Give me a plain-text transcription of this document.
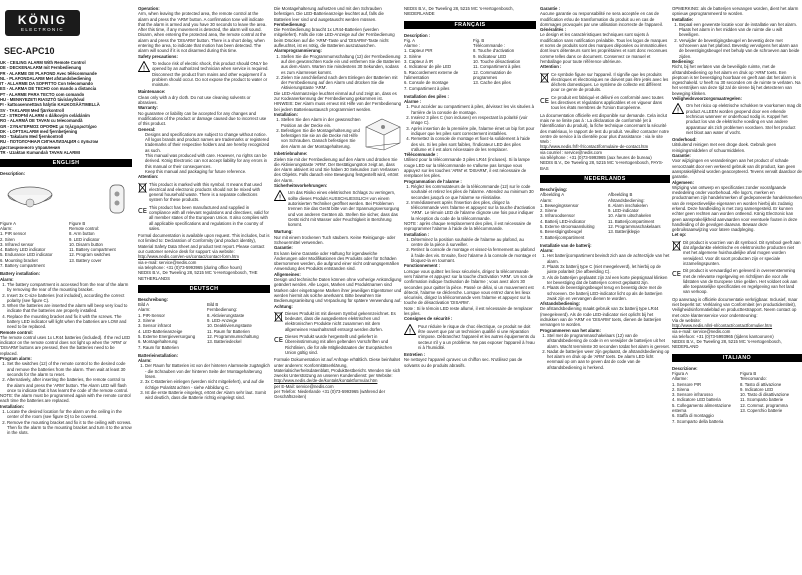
KÖNIG
ELECTRONIC
SEC-APC10

UK - CEILING ALARM With Remote Control

DE - DECKENALARM mit Fernbedienung

FR - ALARME DE PLAFOND Avec télécommande

NL - PLAFONDALARM Met afstandsbediening

IT - ALLARME DA SOFFITTO Con telecomando

ES - ALARMA DE TECHO con mando a distancia

PT - ALARME PARA TECTO com comando

HU - MENNYEZETI RIASZTÓ távirányítóval

FI - kattoasennettävä hälytin KAUKOSÄÄTIMELLÄ

SV - TAKLARM Med fjärrkontroll

CZ - STROPNÍ ALARM s dálkovým ovládáním

RO - ALARMĂ DE TAVAN cu telecomandă

GR - ΣΥΝΑΓΕΡΜΟΣ ΟΡΟΦΗΣ με τηλεχειριστήριο

DK - LOFTSALARM med fjernbetjening

NO - Takalarm Med fjernkontroll

RU - ПОТОЛОЧНАЯ СИГНАЛИЗАЦИЯ с пультом дистанционного управления

TR - Uzaktan Kumandalı TAVAN ALARMI

ENGLISH

Description:

Figure A

Alarm:

1. PIR sensor

2. Siren

3. Infrared sensor

4. Battery LED indicator

5. Endurance LED indicator

6. Mounting bracket

7. Battery compartment

Figure B

Remote control:

8. Arm button

9. LED indicator

10. Disarm button

11. Battery compartment

12. Program switches

13. Battery cover

Battery installation:

Alarm:

1. The battery compartment is accessed from the rear of the alarm by removing the rear of the mounting bracket.
2. Insert 3x C-size batteries (not included), according the correct polarity (see figure C).
3. When the batteries are inserted the alarm will beep very loud to indicate that the batteries are properly installed.
4. Replace the mounting bracket and fix it with the screws. The battery LED indicator will light when the batteries are LOW and need to be replaced.

Remote control:

The remote control uses 1x LR44 batteries (included). If the red LED indicator on the remote control does not light up when the 'ARM' or 'DISARM' buttons are pressed, then the batteries need to be replaced.

Program alarm:

1. Set the switches (12) of the remote control to the desired code and remove the batteries from the alarm. Then wait at least 30 seconds for the alarm to reset.
2. Alternatively, after inserting the batteries, the remote control to the alarm and press the 'ARM' button. The Alarm LED will flash once to indicate that it has learnt the code of the remote control.

NOTE: the alarm must be programmed again with the remote control each time the batteries are replaced.

Installation:

1. Locate the desired location for the alarm on the ceiling in the center of the room (see figure D) to be covered.
2. Remove the mounting bracket and fix it to the ceiling with screws. Then fix the alarm to the mounting bracket and turn it to the arrow in the slots.

Operation:

Arm, when leaving the protected area, the remote control at the alarm and press the 'ARM' button. A confirmation tone will indicate that the alarm is armed and you have 30 seconds to leave the area. After this time, if any movement is detected, the alarm will sound. Disarm, when entering the protected area, the remote control at the alarm and press the 'DISARM' button. There is a short delay, when entering the area, to indicate that motion has been detected. The alarm will sound if it is not disarmed during this time.

Safety precautions:

!

To reduce risk of electric shock, this product should ONLY be opened by an authorized technician when service is required. Disconnect the product from mains and other equipment if a problem should occur. Do not expose the product to water or moisture.

Maintenance:

Clean only with a dry cloth. Do not use cleaning solvents or abrasives.

Warranty:

No guarantee or liability can be accepted for any changes and modifications of the product or damage caused due to incorrect use of this product.

General:

• Designs and specifications are subject to change without notice.
• All logos brands and product names are trademarks or registered trademarks of their respective holders and are hereby recognized as such.
• This manual was produced with care. However, no rights can be derived. König Electronic can not accept liability for any errors in this manual or their consequences.
• Keep this manual and packaging for future reference.

Attention:

This product is marked with this symbol. It means that used electrical and electronic products should not be mixed with general household waste. There is a separate collections system for these products.

CE This product has been manufactured and supplied in compliance with all relevant regulations and directives, valid for all member states of the European Union. It also complies with all applicable specifications and regulations in the country of sales.

Formal documentation is available upon request. This includes, but is not limited to: Declaration of Conformity (and product identity), Material Safety Data Sheet and product test report. Please contact our customer service desk for support: via website:

http://www.nedis.com/en-us/contact/contact-form.htm

via e-mail: service@nedis.com

via telephone: +31 (0)73-5993965 (during office hours)

NEDIS B.V., De Tweeling 28, 5215 MC 's-Hertogenbosch, THE NETHERLANDS

DEUTSCH

Beschreibung:

Bild A

Alarm:

1. PIR-Sensor

2. Sirene

3. Sensor infrarot

4. LED-Batterieanzeige

5. Externe Energieversorgung

6. Montagehalterung

7. Raum für Batterien

Bild B

Fernbedienung:

8. Aktivierungstaste

9. LED-Anzeige

10. Deaktivierungstaste

11. Raum für Batterien

12. Programmumschaltung

13. Batteriedeckel

Batterieinstallation:

Alarm:

1. Der Raum für Batterien ist von der hinteren Alarmseite zugänglich - die Schrauben von der hinteren Seite der Montagehalterung lösen.
2. 3x C-Batterien einlegen (werden nicht mitgeliefert), und auf die richtige Polarität achten - siehe Abbildung C.
3. Ist die erste Batterie eingelegt, ertönt der Alarm sehr laut. Somit wird deutlich, dass die Batterie richtig eingelegt sind.

Die Montagehalterung aufsetzen und mit den Schrauben befestigen. Die LED-Batterieanzeige leuchtet auf, falls die Batterien leer sind und ausgetauscht werden müssen.

Fernbedienung:

Die Fernbedienung braucht 1x LR44-Batterien (werden mitgeliefert). Falls die rote LED-Anzeige auf der Fernbedienung beim Drücken auf die 'ARM'-Taste und 'DISARM'-Taste nicht aufleuchtet, ist es nötig, die Batterien auszutauschen.

Alarmprogrammierung:

1. Stellen Sie die Programmumschaltung (12) der Fernbedienung auf den gewünschten Kode ein und entfernen Sie die Batterien aus dem Alarm. Warten Sie mindestens 30 Sekunden, sodass es zum Alarmreset kommt.
2. Zielen Sie anschließend nach dem Einlegen der Batterien mit der Fernbedienung auf den Alarm und drücken Sie die Aktivierungstaste 'ARM'.

Die LED-Alarmanzeige leuchtet einmal auf und zeigt an, dass es zur Kodeanerkennung der Fernbedienung gekommen ist.

HINWEIS: Der Alarm muss erneut mit Hilfe von der Fernbedienung bei jedem Batterieaustausch programmiert werden.

Installation:

1. Stellen Sie den Alarm in der gewünschten Position an der Decke ein.
2. Befestigen Sie die Montagehalterung und befestigen Sie sie an die Decke mit Hilfe von Schrauben. Danach befestigen Sie den Alarm an der Montagehalterung.

Inbetriebnahme:

Zielen Sie mit der Fernbedienung auf den Alarm und drücken Sie die Aktivierungstaste 'ARM'. Der Bestätigungston zeigt an, dass der Alarm aktiviert ist und Sie haben 30 Sekunden zum Verlassen des Objekts. Falls danach eine Bewegung festgestellt wird, ertönt der Alarm.

Sicherheitsvorkehrungen:

!

Um das Risiko eines elektrischen Schlags zu verringern, sollte dieses Produkt AUSSCHLIESSLICH von einem autorisierten Techniker geöffnet werden. Bei Problemen trennen Sie das Gerät bitte von der Spannungsversorgung und von anderen Geräten ab. Stellen Sie sicher, dass das Gerät nicht mit Wasser oder Feuchtigkeit in Berührung kommt.

Wartung:

Nur mit einem trockenen Tuch säubern. Keine Reinigungs- oder Scheuermittel verwenden.

Garantie:

Es kann keine Garantie oder Haftung für irgendwelche Änderungen oder Modifikationen des Produkts oder für Schäden übernommen werden, die aufgrund einer nicht ordnungsgemäßen Anwendung des Produkts entstanden sind.

Allgemeines:

Design und technische Daten können ohne vorherige Ankündigung geändert werden. Alle Logos, Marken und Produktnamen sind Marken oder eingetragene Marken ihrer jeweiligen Eigentümer und werden hiermit als solche anerkannt. Bitte bewahren Sie Bedienungsanleitung und Verpackung für spätere Verwendung auf.

Achtung:

Dieses Produkt ist mit diesem Symbol gekennzeichnet. Es bedeutet, dass die ausgedienten elektrischen und elektronischen Produkte nicht zusammen mit dem allgemeinen Haushaltsmüll entsorgt werden dürfen.

CE Dieses Produkt wurde hergestellt und geliefert in Übereinstimmung mit allen geltenden Vorschriften und Richtlinien, die für alle Mitgliedstaaten der Europäischen Union gültig sind.

Formale Dokumentation ist auf Anfrage erhältlich. Diese beinhaltet unter anderem: Konformitätserklärung, Materialsicherheitsdatenblatt, Produkttestbericht. Wenden Sie sich zwecks Unterstützung an unseren Kundendienst: per Website:

http://www.nedis.de/de-de/kontakt/kontaktformular.htm

per E-Mail: service@nedis.com

per Telefon: Niederlande +31 (0)73-5993965 (während der Geschäftszeiten)

NEDIS B.V., De Tweeling 28, 5215 MC 's-Hertogenbosch, NIEDERLANDE

FRANÇAIS

Description :

Fig. A

Alarme :

1. Capteur PIR

2. Sirène

3. Capteur à IR

4. Indicateur de pile LED

5. Raccordement externe de l'alimentation

6. Console de montage

7. Compartiment à piles

Fig. B

Télécommande :

8. Touche d'activation

9. Indicateur LED

10. Touche désactivation

11. Compartiment à piles

12. Commutation de programmes

13. Cache des piles

Installation des piles :

Alarme :

1. Pour accéder au compartiment à piles, dévissez les vis situées à l'arrière de la console de montage.
2. Insérez 3 piles C (non incluses) en respectant la polarité (voir image C).
3. Après insertion de la première pile, l'alarme émet un bip fort pour indiquer que les piles sont correctement installées.
4. Remettez la console de montage et fixez-la solidement à l'aide des vis. Si les piles sont faibles, l'indicateur LED des piles s'allume et il est alors nécessaire de les remplacer.

Télécommande :

Utilisez pour la télécommande 3 piles LR44 (incluses). Si la lampe rouge LED sur la télécommande ne s'allume pas lorsque vous appuyez sur les touches 'ARM' et 'DISARM', il est nécessaire de remplacer les piles.

Programmation de l'alarme :

1. Réglez les commutateurs de la télécommande (12) sur le code souhaité et retirez les piles de l'alarme. Attendez au minimum 30 secondes jusqu'à ce que l'alarme se réinitialise.
2. Immédiatement après l'insertion des piles, dirigez la télécommande vers l'alarme et appuyez sur la touche d'activation 'ARM'. Le témoin LED de l'alarme clignote une fois pour indiquer la réception du code de la télécommande.

NOTE : après chaque remplacement des piles, il est nécessaire de reprogrammer l'alarme à l'aide de la télécommande.

Installation :

1. Déterminez la position souhaitée de l'alarme au plafond, au centre de la pièce à surveiller.
2. Retirez la console de montage et vissez-la fermement au plafond à l'aide des vis. Ensuite, fixez l'alarme à la console de montage et bloquez-la en tournant.

Fonctionnement :

Lorsque vous quittez les lieux sécurisés, dirigez la télécommande vers l'alarme et appuyez sur la touche d'activation 'ARM'. Un son de confirmation indique l'activation de l'alarme ; vous avez alors 30 secondes pour quitter la pièce. Passé ce délai, si un mouvement est détecté, l'alarme se déclenche. Lorsque vous entrez dans les lieux sécurisés, dirigez la télécommande vers l'alarme et appuyez sur la touche de désactivation 'DISARM'.

Note : Si le témoin LED reste allumé, il est nécessaire de remplacer les piles.

Consignes de sécurité :

!

Pour réduire le risque de choc électrique, ce produit ne doit être ouvert que par un technicien qualifié si une réparation s'impose. Débranchez l'appareil et les autres équipements du secteur s'il y a un problème. Ne pas exposer l'appareil à l'eau ni à l'humidité.

Entretien :

Ne nettoyez l'appareil qu'avec un chiffon sec. N'utilisez pas de solvants ou de produits abrasifs.

Garantie :

Aucune garantie ou responsabilité ne sera acceptée en cas de modification et/ou de transformation du produit ou en cas de dommages provoqués par une utilisation incorrecte de l'appareil.

Généralités :

Le design et les caractéristiques techniques sont sujets à modification sans notification préalable. Tous les logos de marques et noms de produits sont des marques déposées ou immatriculées dont leurs détenteurs sont les propriétaires et sont donc reconnues comme telles dans ce document. Conservez ce manuel et l'emballage pour toute référence ultérieure.

Attention :

Ce symbole figure sur l'appareil. Il signifie que les produits électriques et électroniques ne doivent pas être jetés avec les déchets domestiques. Le système de collecte est différent pour ce genre de produits.

CE Ce produit est fabriqué et délivré en conformité avec toutes les directives et régulations applicables et en vigueur dans tous les états membres de l'Union Européenne.

La documentation officielle est disponible sur demande. Cela inclut mais ne se limite pas à : La déclaration de conformité (et à l'identification du produit), la fiche technique concernant la sécurité des matériaux, le rapport de test du produit. Veuillez contacter notre centre de service à la clientèle pour plus d'assistance : via le site Web :

http://www.nedis.fr/fr-fr/contact/formulaire-de-contact.htm

via courriel : service@nedis.com

via téléphone : +31 (0)73-5993965 (aux heures de bureau)

NEDIS B.V., De Tweeling 28, 5215 MC 's-Hertogenbosch, PAYS-BAS

NEDERLANDS

Beschrijving:

Afbeelding A

Alarm:

1. Bewegingssensor

2. Sirene

3. Infraroodsensor

4. Batterij LED-indicator

5. Externe stroomaansluiting

6. Bevestigingsbeugel

7. Batterijcompartiment

Afbeelding B

Afstandsbediening:

8. Alarm inschakelen

9. LED-indicator

10. Alarm uitschakelen

11. Batterijcompartiment

12. Programmaschakelaars

13. Batterijklepje

Installatie van de batterij:

Alarm:

1. Het batterijcompartiment bevindt zich aan de achterzijde van het alarm.
2. Plaats 3x batterij type C (niet meegeleverd), let hierbij op de juiste polariteit (zie afbeelding C).
3. Als de batterijen geplaatst zijn zal een korte piepsignaal klinken ter bevestiging dat de batterijen correct geplaatst zijn.
4. Plaats de bevestigingsbeugel terug en bevestig deze met de schroeven. De batterij LED-indicator licht op als de batterijen zwak zijn en vervangen dienen te worden.

Afstandsbediening:

De afstandsbediening maakt gebruik van 3x batterij type LR44 (meegeleverd). Als de rode LED-indicator niet oplicht bij het indrukken van de 'ARM' en 'DISARM' toets, dienen de batterijen vervangen te worden.

Programmeren van het alarm:

1. Stel met de programmaschakelaars (12) van de afstandsbediening de code in en verwijder de batterijen uit het alarm. Wacht tenminste 30 seconden totdat het alarm is gereset.
2. Nadat de batterijen weer zijn geplaatst, de afstandsbediening op het alarm en druk op de 'ARM' toets. De alarm LED licht eenmaal op om aan te geven dat de code van de afstandsbediening is herkend.

OPMERKING: als de batterijen vervangen worden, dient het alarm opnieuw geprogrammeerd te worden.

Installatie:

1. Bepaal een gewenste locatie voor de installatie van het alarm. Plaats het alarm in het midden van de ruimte die u wilt beveiligen.
2. Verwijder de bevestigingsbeugel en bevestig deze met schroeven aan het plafond. Bevestig vervolgens het alarm aan de bevestigingsbeugel met behulp van de schroeven aan beide zijden.

Bediening:

Richt, bij het verlaten van de beveiligde ruimte, met de afstandsbediening op het alarm en druk op 'ARM' toets. Een pieptoon is ter bevestiging hoorbaar en geeft aan dat het alarm is ingeschakeld. U heeft nu 30 seconden om de ruimte te verlaten. Na het verstrijken van deze tijd zal de sirene bij het detecteren van beweging klinken.

Veiligheidsvoorzorgsmaatregelen:

!

Om het risico op elektrische schokken te voorkomen mag dit product ALLEEN worden geopend door een erkende technicus wanneer er onderhoud nodig is. Koppel het product los van de elektrische voeding en van andere apparatuur als zich problemen voordoen. Stel het product niet bloot aan water of vocht.

Onderhoud:

Uitsluitend reinigen met een droge doek. Gebruik geen reinigingsmiddelen of schuurmiddelen.

Garantie:

Voor wijzigingen en veranderingen aan het product of schade veroorzaakt door een verkeerd gebruik van dit product, kan geen aansprakelijkheid worden geaccepteerd. Tevens vervalt daardoor de garantie.

Algemeen:

Wijziging van ontwerp en specificaties zonder voorafgaande mededeling onder voorbehoud. Alle logo's, merken en productnamen zijn handelsmerken of gedeponeerde handelsmerken van de respectievelijke eigenaren en worden hierbij als zodanig erkend. Deze handleiding is met zorg samengesteld. Er kunnen echter geen rechten aan worden ontleend. König Electronic kan geen aansprakelijkheid aanvaarden voor eventuele fouten in deze handleiding of de gevolgen daarvan. Bewaar deze gebruiksaanwijzing voor latere raadpleging.

Let op:

Dit product is voorzien van dit symbool. Dit symbool geeft aan dat afgedankte elektrische en elektronische producten niet met het algemene huishoudelijke afval mogen worden verwijderd. Voor dit soort producten zijn er speciale inzamelingspunten.

CE Dit product is vervaardigd en geleverd in overeenstemming met de relevante regelgeving en richtlijnen die voor alle lidstaten van de Europese Unie gelden. Het voldoet ook aan alle toepasselijke specificaties en regelgeving van het land van verkoop.

Op aanvraag is officiële documentatie verkrijgbaar. Inclusief, maar niet beperkt tot: Verklaring van Conformiteit (en productidentiteit), Veiligheidsinformatieblad en producttestrapport. Neem contact op met onze klantenservice voor ondersteuning:

Via de website:

http://www.nedis.nl/nl-nl/contact/contactformulier.htm

via e-mail: service@nedis.com

via telefoon: +31 (0)73-5993965 (tijdens kantooruren)

NEDIS B.V., De Tweeling 28, 5215 MC 's-Hertogenbosch, NEDERLAND

ITALIANO

Descrizione:

Figura A

Allarme:

1. Sensore PIR

2. Sirena

3. Sensore infrarosso

4. Indicatore LED batteria

5. Collegamento alimentazione esterna

6. Staffa di montaggio

7. Scomparto della batteria

Figura B

Telecomando:

8. Tasto di attivazione

9. Indicatore LED

10. Tasto di disattivazione

11. Scomparto batterie

12. Commut. programma

13. Coperchio batterie
